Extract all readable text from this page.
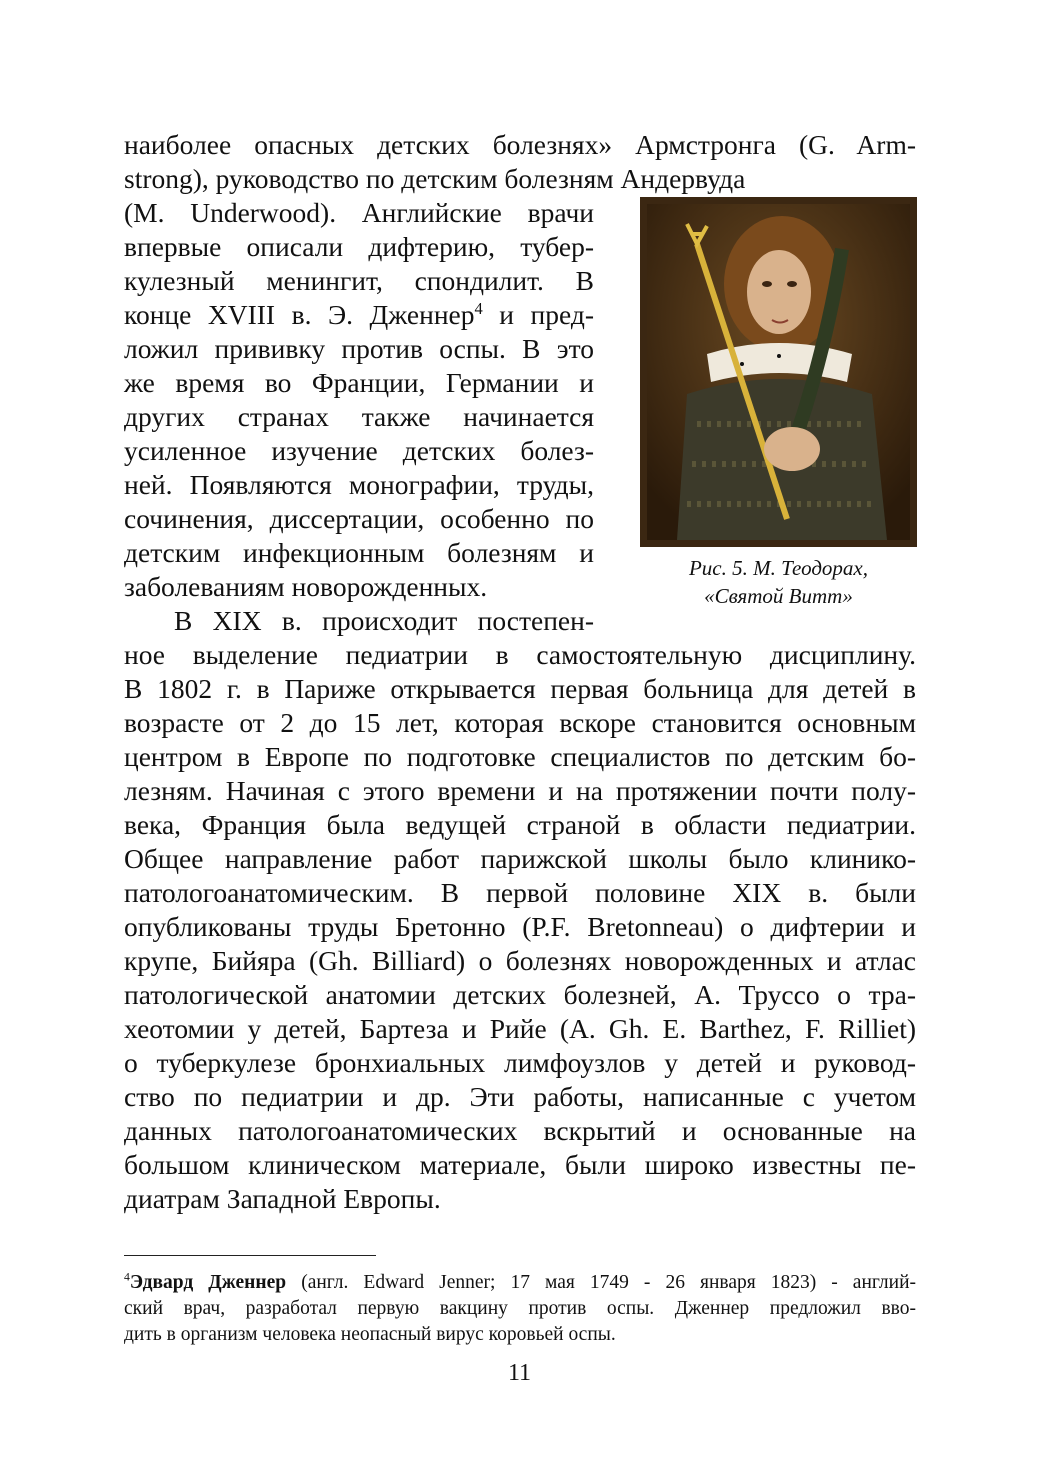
наиболее опасных детских болезнях» Армстронга (G. Arm-
strong), руководство по детским болезням Андервуда
(M. Underwood). Английские врачи
впервые описали дифтерию, тубер-
кулезный менингит, спондилит. В
конце XVIII в. Э. Дженнер$^4$ и пред-
ложил прививку против оспы. В это
же время во Франции, Германии и
других странах также начинается
усиленное изучение детских болез-
ней. Появляются монографии, труды,
сочинения, диссертации, особенно по
детским инфекционным болезням и
заболеваниям новорожденных.
В XIX в. происходит постепен-
ное выделение педиатрии в самостоятельную дисциплину.
В 1802 г. в Париже открывается первая больница для детей в
возрасте от 2 до 15 лет, которая вскоре становится основным
центром в Европе по подготовке специалистов по детским бо-
лезням. Начиная с этого времени и на протяжении почти полу-
века, Франция была ведущей страной в области педиатрии.
Общее направление работ парижской школы было клинико-
патологоанатомическим. В первой половине XIX в. были
опубликованы труды Бретонно (P.F. Bretonneau) о дифтерии и
крупе, Бийяра (Gh. Billiard) о болезнях новорожденных и атлас
патологической анатомии детских болезней, А. Труссо о тра-
хеотомии у детей, Бартеза и Рийе (A. Gh. E. Barthez, F. Rilliet)
о туберкулезе бронхиальных лимфоузлов у детей и руковод-
ство по педиатрии и др. Эти работы, написанные с учетом
данных патологоанатомических вскрытий и основанные на
большом клиническом материале, были широко известны пе-
диатрам Западной Европы.
Рис. 5. М. Теодорах,
«Святой Витт»
$^4$Эдвард Дженнер (англ. Edward Jenner; 17 мая 1749 - 26 января 1823) - англий-
ский врач, разработал первую вакцину против оспы. Дженнер предложил вво-
дить в организм человека неопасный вирус коровьей оспы.
11
